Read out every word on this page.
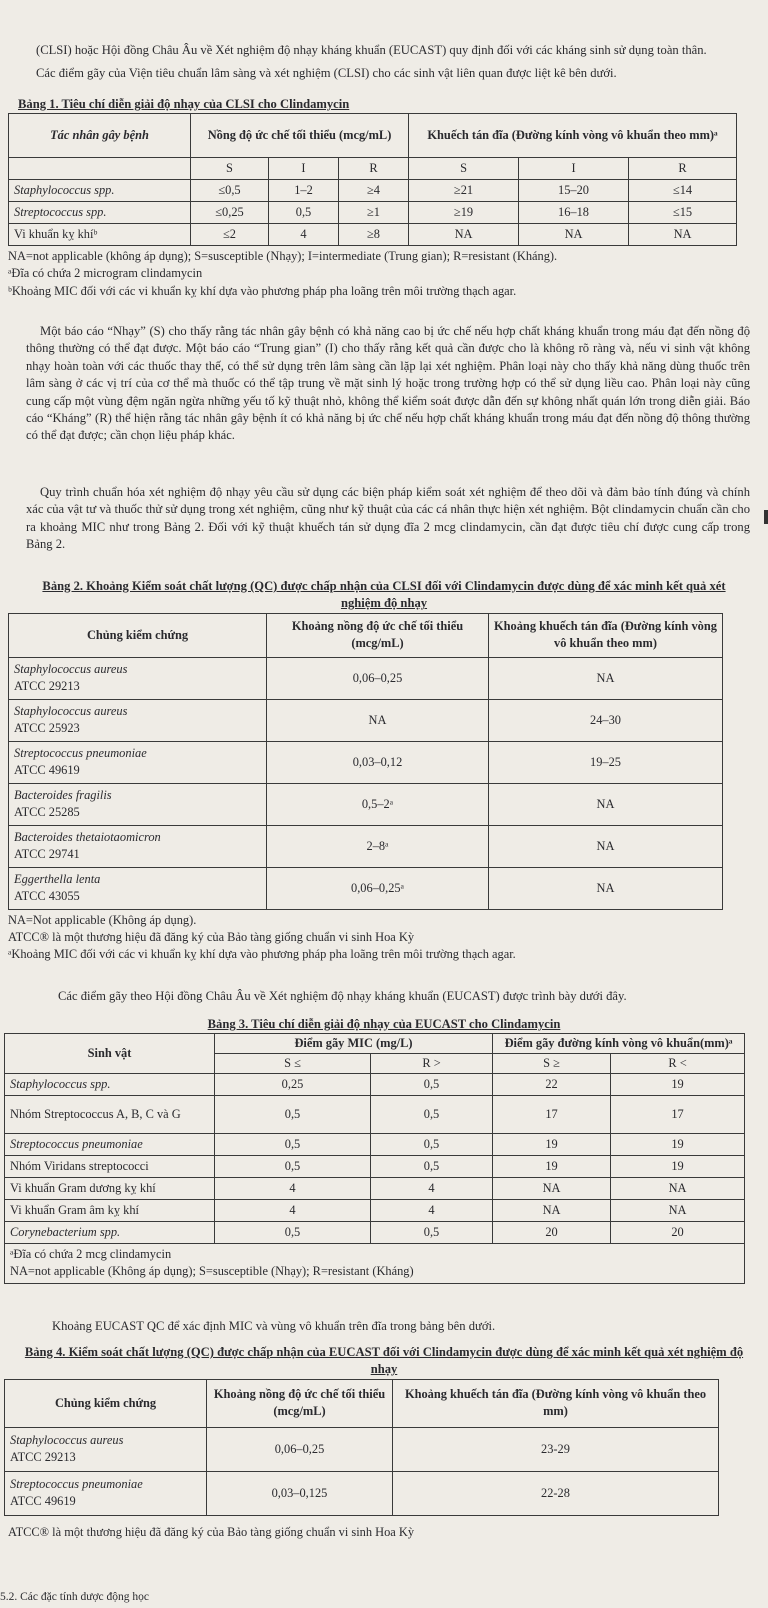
(CLSI) hoặc Hội đồng Châu Âu về Xét nghiệm độ nhạy kháng khuẩn (EUCAST) quy định đối với các kháng sinh sử dụng toàn thân.

Các điểm gãy của Viện tiêu chuẩn lâm sàng và xét nghiệm (CLSI) cho các sinh vật liên quan được liệt kê bên dưới.

Bảng 1. Tiêu chí diễn giải độ nhạy của CLSI cho Clindamycin

Tác nhân gây bệnh	Nồng độ ức chế tối thiểu (mcg/mL)			Khuếch tán đĩa (Đường kính vòng vô khuẩn theo mm)ᵃ		
	S	I	R	S	I	R
Staphylococcus spp.	≤0,5	1–2	≥4	≥21	15–20	≤14
Streptococcus spp.	≤0,25	0,5	≥1	≥19	16–18	≤15
Vi khuẩn kỵ khíᵇ	≤2	4	≥8	NA	NA	NA

NA=not applicable (không áp dụng); S=susceptible (Nhạy); I=intermediate (Trung gian); R=resistant (Kháng).

ᵃĐĩa có chứa 2 microgram clindamycin

ᵇKhoảng MIC đối với các vi khuẩn kỵ khí dựa vào phương pháp pha loãng trên môi trường thạch agar.

Một báo cáo “Nhạy” (S) cho thấy rằng tác nhân gây bệnh có khả năng cao bị ức chế nếu hợp chất kháng khuẩn trong máu đạt đến nồng độ thông thường có thể đạt được. Một báo cáo “Trung gian” (I) cho thấy rằng kết quả cần được cho là không rõ ràng và, nếu vi sinh vật không nhạy hoàn toàn với các thuốc thay thế, có thể sử dụng trên lâm sàng cần lặp lại xét nghiệm. Phân loại này cho thấy khả năng dùng thuốc trên lâm sàng ở các vị trí của cơ thể mà thuốc có thể tập trung về mặt sinh lý hoặc trong trường hợp có thể sử dụng liều cao. Phân loại này cũng cung cấp một vùng đệm ngăn ngừa những yếu tố kỹ thuật nhỏ, không thể kiểm soát được dẫn đến sự không nhất quán lớn trong diễn giải. Báo cáo “Kháng” (R) thể hiện rằng tác nhân gây bệnh ít có khả năng bị ức chế nếu hợp chất kháng khuẩn trong máu đạt đến nồng độ thông thường có thể đạt được; cần chọn liệu pháp khác.

Quy trình chuẩn hóa xét nghiệm độ nhạy yêu cầu sử dụng các biện pháp kiểm soát xét nghiệm để theo dõi và đảm bảo tính đúng và chính xác của vật tư và thuốc thử sử dụng trong xét nghiệm, cũng như kỹ thuật của các cá nhân thực hiện xét nghiệm. Bột clindamycin chuẩn cần cho ra khoảng MIC như trong Bảng 2. Đối với kỹ thuật khuếch tán sử dụng đĩa 2 mcg clindamycin, cần đạt được tiêu chí được cung cấp trong Bảng 2.

Bảng 2. Khoảng Kiểm soát chất lượng (QC) được chấp nhận của CLSI đối với Clindamycin được dùng để xác minh kết quả xét nghiệm độ nhạy

Chủng kiểm chứng	Khoảng nồng độ ức chế tối thiểu (mcg/mL)	Khoảng khuếch tán đĩa (Đường kính vòng vô khuẩn theo mm)
Staphylococcus aureus
ATCC 29213	0,06–0,25	NA
Staphylococcus aureus
ATCC 25923	NA	24–30
Streptococcus pneumoniae
ATCC 49619	0,03–0,12	19–25
Bacteroides fragilis
ATCC 25285	0,5–2ᵃ	NA
Bacteroides thetaiotaomicron
ATCC 29741	2–8ᵃ	NA
Eggerthella lenta
ATCC 43055	0,06–0,25ᵃ	NA

NA=Not applicable (Không áp dụng).

ATCC® là một thương hiệu đã đăng ký của Bảo tàng giống chuẩn vi sinh Hoa Kỳ

ᵃKhoảng MIC đối với các vi khuẩn kỵ khí dựa vào phương pháp pha loãng trên môi trường thạch agar.

Các điểm gãy theo Hội đồng Châu Âu về Xét nghiệm độ nhạy kháng khuẩn (EUCAST) được trình bày dưới đây.

Bảng 3. Tiêu chí diễn giải độ nhạy của EUCAST cho Clindamycin

Sinh vật	Điểm gãy MIC (mg/L)		Điểm gãy đường kính vòng vô khuẩn(mm)ᵃ	
	S ≤	R >	S ≥	R <
Staphylococcus spp.	0,25	0,5	22	19
Nhóm Streptococcus A, B, C và G	0,5	0,5	17	17
Streptococcus pneumoniae	0,5	0,5	19	19
Nhóm Viridans streptococci	0,5	0,5	19	19
Vi khuẩn Gram dương kỵ khí	4	4	NA	NA
Vi khuẩn Gram âm kỵ khí	4	4	NA	NA
Corynebacterium spp.	0,5	0,5	20	20

ᵃĐĩa có chứa 2 mcg clindamycin
NA=not applicable (Không áp dụng); S=susceptible (Nhạy); R=resistant (Kháng)				

Khoảng EUCAST QC để xác định MIC và vùng vô khuẩn trên đĩa trong bảng bên dưới.

Bảng 4. Kiểm soát chất lượng (QC) được chấp nhận của EUCAST đối với Clindamycin được dùng để xác minh kết quả xét nghiệm độ nhạy

Chủng kiểm chứng	Khoảng nồng độ ức chế tối thiểu (mcg/mL)	Khoảng khuếch tán đĩa (Đường kính vòng vô khuẩn theo mm)
Staphylococcus aureus
ATCC 29213	0,06–0,25	23-29
Streptococcus pneumoniae
ATCC 49619	0,03–0,125	22-28

ATCC® là một thương hiệu đã đăng ký của Bảo tàng giống chuẩn vi sinh Hoa Kỳ

5.2. Các đặc tính dược động học
